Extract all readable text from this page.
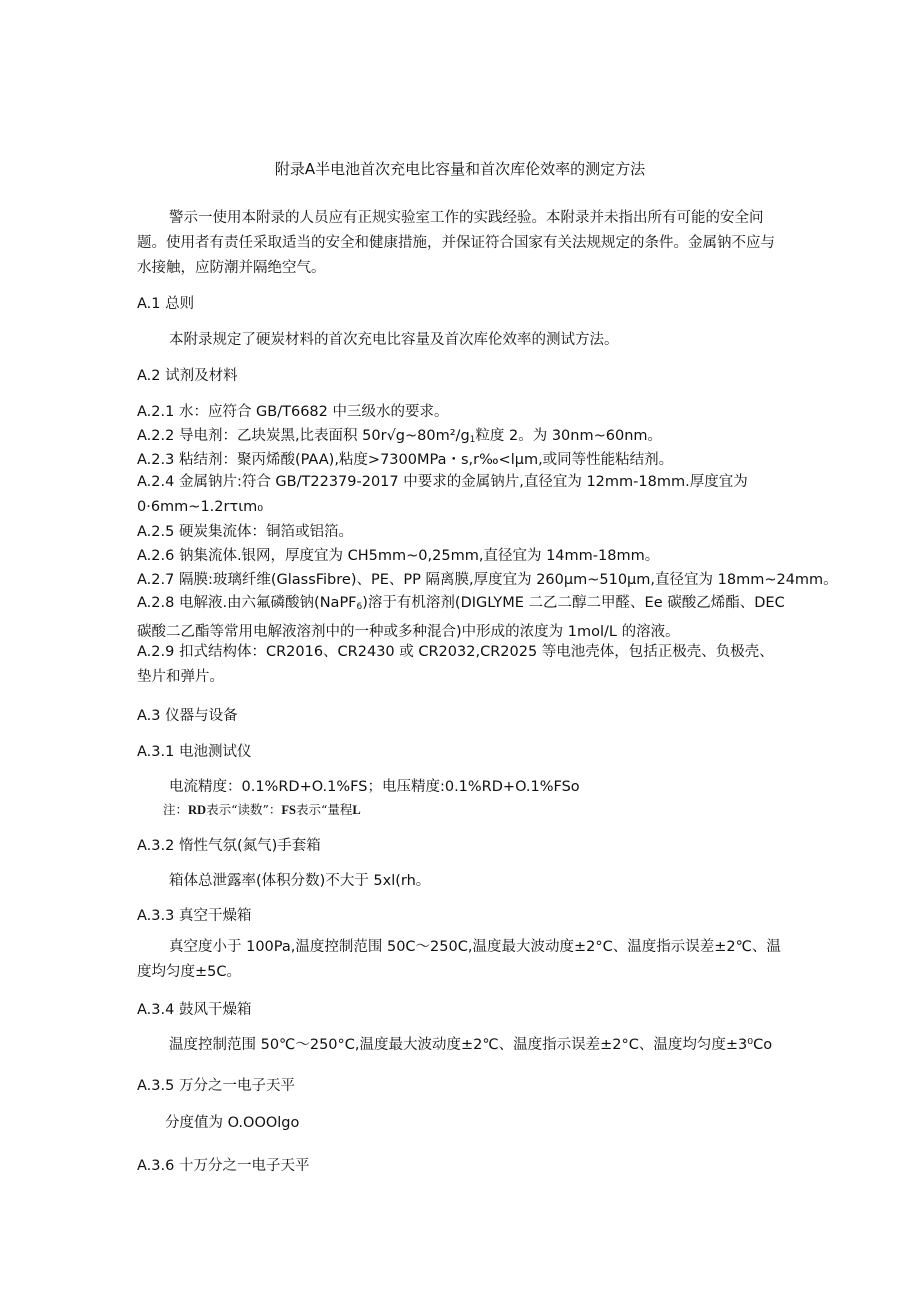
附录A半电池首次充电比容量和首次库伦效率的测定方法
警示一使用本附录的人员应有正规实验室工作的实践经验。本附录并未指出所有可能的安全问题。使用者有责任采取适当的安全和健康措施，并保证符合国家有关法规规定的条件。金属钠不应与水接触，应防潮并隔绝空气。
A.1 总则
本附录规定了硬炭材料的首次充电比容量及首次库伦效率的测试方法。
A.2 试剂及材料
A.2.1 水：应符合 GB/T6682 中三级水的要求。
A.2.2 导电剂：乙块炭黑,比表面积 $50r√g\sim 80m^2/g_1$粒度 2。为 30nm~60nm。
A.2.3 粘结剂：聚丙烯酸(PAA),粘度>7300MPa・s,r‰<lμm,或同等性能粘结剂。
A.2.4 金属钠片:符合 GB/T22379-2017 中要求的金属钠片,直径宜为 12mm-18mm.厚度宜为 0·6mm~1.2rτιm₀
A.2.5 硬炭集流体：铜箔或铝箔。
A.2.6 钠集流体.银网，厚度宜为 CH5mm~0,25mm,直径宜为 14mm-18mm。
A.2.7 隔膜:玻璃纤维(GlassFibre)、PE、PP 隔离膜,厚度宜为 260μm~510μm,直径宜为 18mm~24mm。
A.2.8 电解液.由六氟磷酸钠(NaPF$_6$)溶于有机溶剂(DIGLYME 二乙二醇二甲醛、Ee 碳酸乙烯酯、DEC 碳酸二乙酯等常用电解液溶剂中的一种或多种混合)中形成的浓度为 1mol/L 的溶液。
A.2.9 扣式结构体：CR2016、CR2430 或 CR2032,CR2025 等电池壳体，包括正极壳、负极壳、垫片和弹片。
A.3 仪器与设备
A.3.1 电池测试仪
电流精度：0.1%RD+O.1%FS；电压精度:0.1%RD+O.1%FSo
注：RD表示“读数”：FS表示“量程L
A.3.2 惰性气氛(氮气)手套箱
箱体总泄露率(体积分数)不大于 5xl(rh。
A.3.3 真空干燥箱
真空度小于 100Pa,温度控制范围 50C〜250C,温度最大波动度±2°C、温度指示误差±2℃、温度均匀度±5C。
A.3.4 鼓风干燥箱
温度控制范围 50℃〜250°C,温度最大波动度±2℃、温度指示误差±2°C、温度均匀度±3⁰Co
A.3.5 万分之一电子天平
分度值为 O.OOOlgo
A.3.6 十万分之一电子天平
